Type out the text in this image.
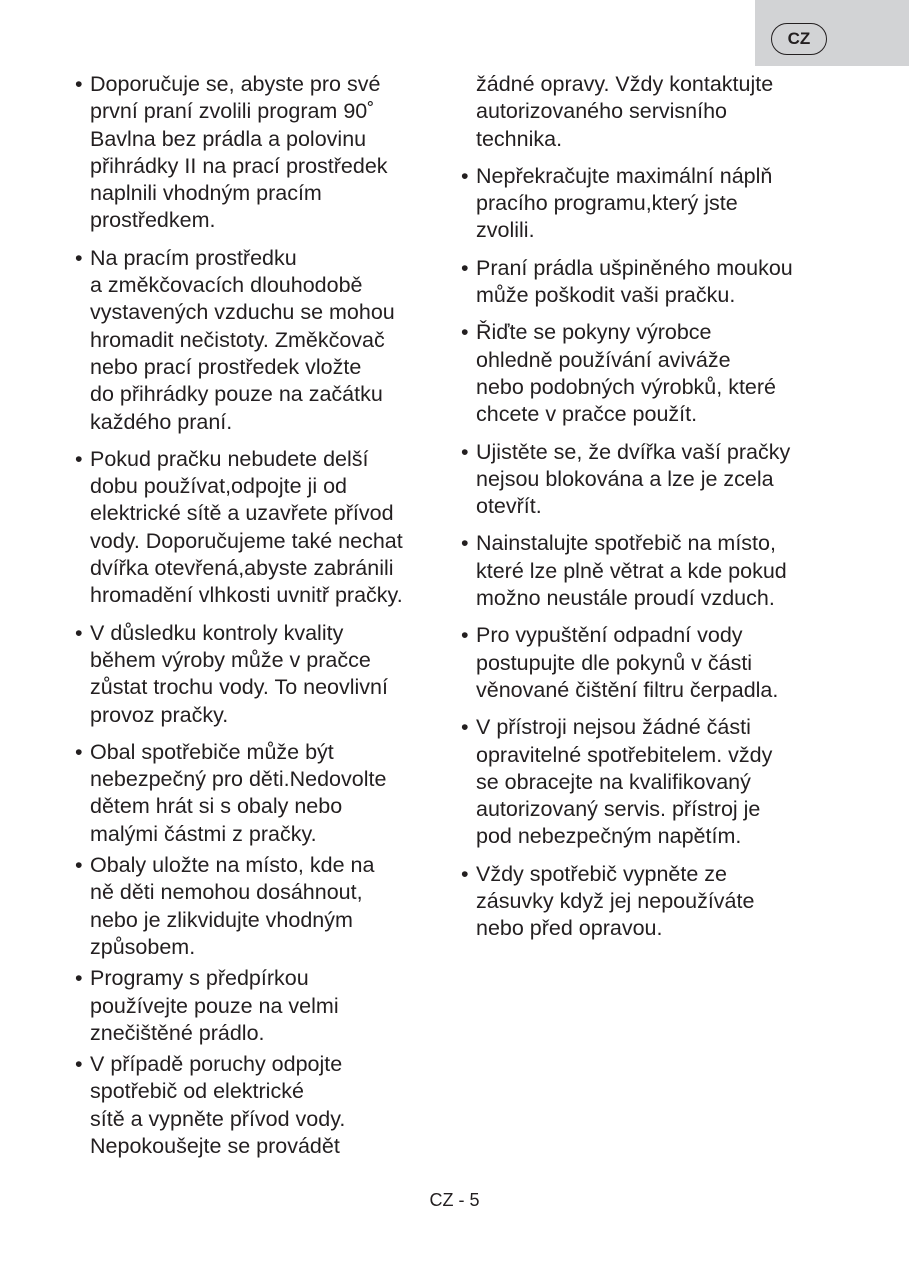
CZ
• Doporučuje se, abyste pro své
první praní zvolili program 90˚
Bavlna bez prádla a polovinu
přihrádky II na prací prostředek
naplnili vhodným pracím
prostředkem.
• Na pracím prostředku
a změkčovacích dlouhodobě
vystavených vzduchu se mohou
hromadit nečistoty. Změkčovač
nebo prací prostředek vložte
do přihrádky pouze na začátku
každého praní.
• Pokud pračku nebudete delší
dobu používat,odpojte ji od
elektrické sítě a uzavřete přívod
vody. Doporučujeme také nechat
dvířka otevřená,abyste zabránili
hromadění vlhkosti uvnitř pračky.
• V důsledku kontroly kvality
během výroby může v pračce
zůstat trochu vody. To neovlivní
provoz pračky.
• Obal spotřebiče může být
nebezpečný pro děti.Nedovolte
dětem hrát si s obaly nebo
malými částmi z pračky.
• Obaly uložte na místo, kde na
ně děti nemohou dosáhnout,
nebo je zlikvidujte vhodným
způsobem.
• Programy s předpírkou
používejte pouze na velmi
znečištěné prádlo.
• V případě poruchy odpojte
spotřebič od elektrické
sítě a vypněte přívod vody.
Nepokoušejte se provádět
žádné opravy. Vždy kontaktujte
autorizovaného servisního
technika.
• Nepřekračujte maximální náplň
pracího programu,který jste
zvolili.
• Praní prádla ušpiněného moukou
může poškodit vaši pračku.
• Řiďte se pokyny výrobce
ohledně používání aviváže
nebo podobných výrobků, které
chcete v pračce použít.
• Ujistěte se, že dvířka vaší pračky
nejsou blokována a lze je zcela
otevřít.
• Nainstalujte spotřebič na místo,
které lze plně větrat a kde pokud
možno neustále proudí vzduch.
• Pro vypuštění odpadní vody
postupujte dle pokynů v části
věnované čištění filtru čerpadla.
• V přístroji nejsou žádné části
opravitelné spotřebitelem. vždy
se obracejte na kvalifikovaný
autorizovaný servis. přístroj je
pod nebezpečným napětím.
• Vždy spotřebič vypněte ze
zásuvky když jej nepoužíváte
nebo před opravou.
CZ - 5
